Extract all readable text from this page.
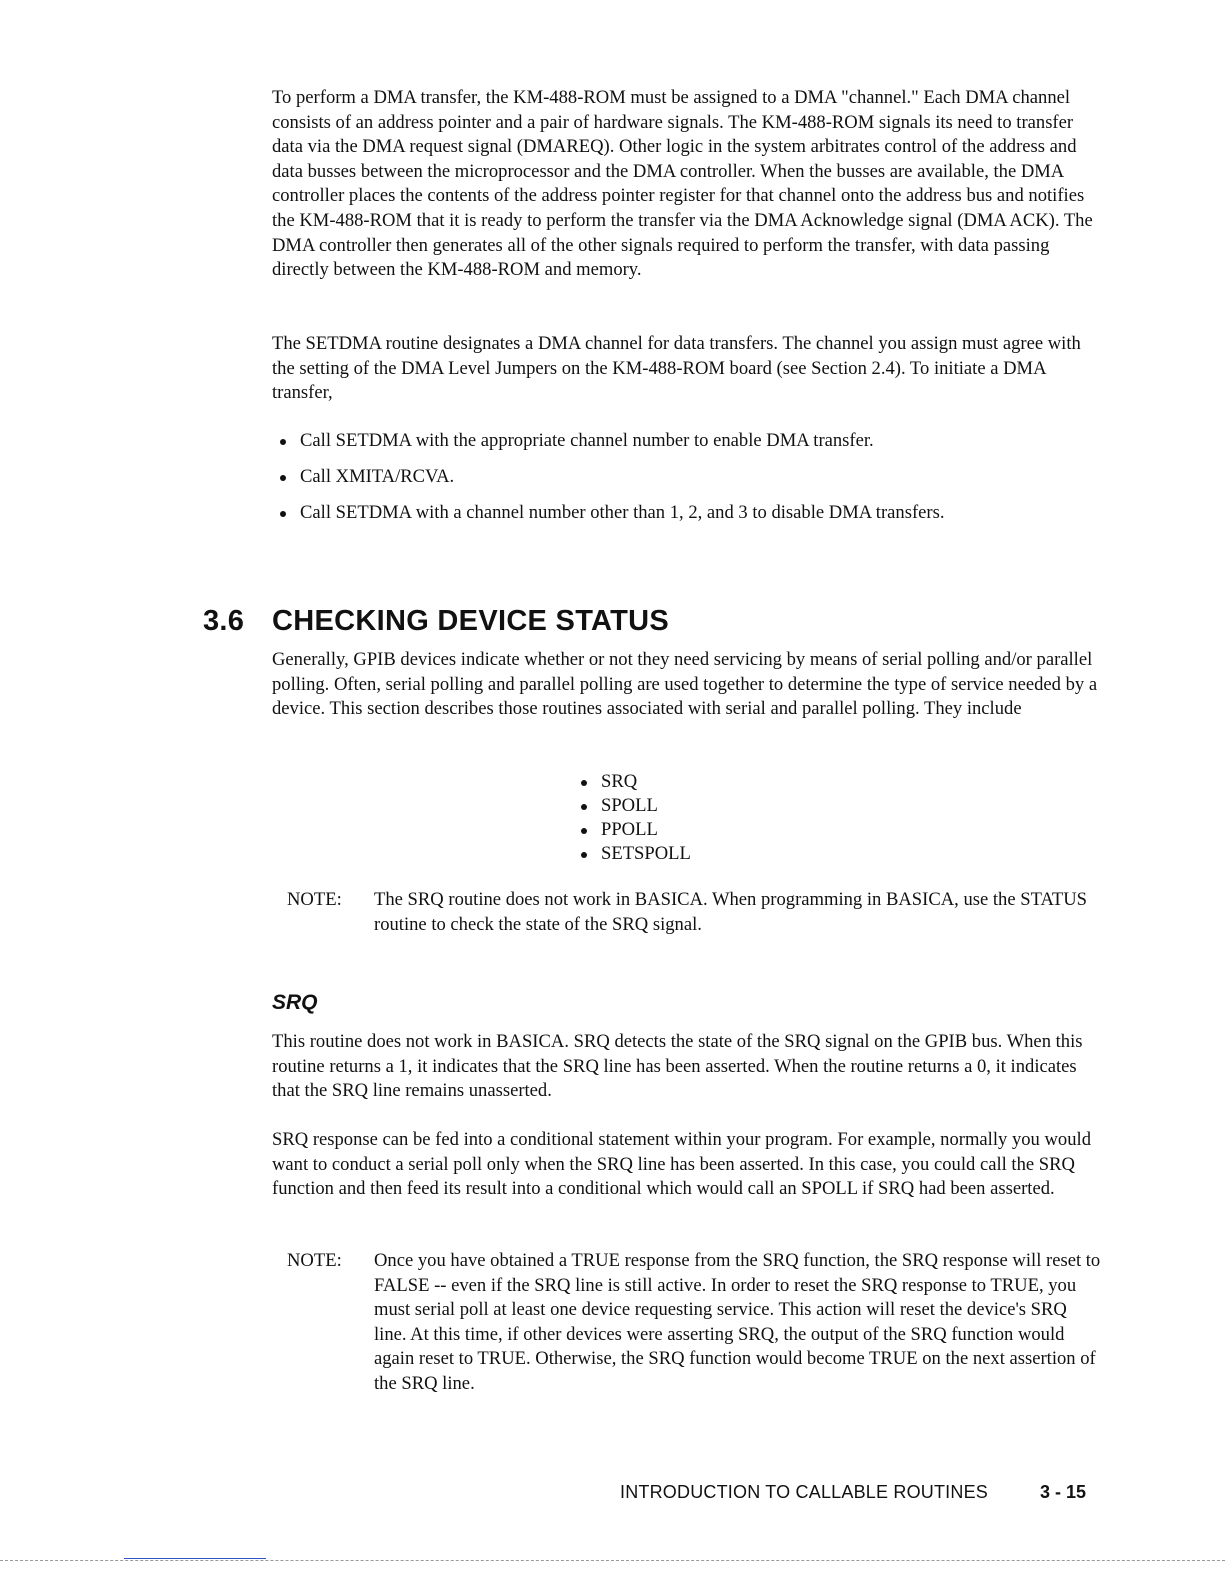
To perform a DMA transfer, the KM-488-ROM must be assigned to a DMA "channel." Each DMA channel consists of an address pointer and a pair of hardware signals. The KM-488-ROM signals its need to transfer data via the DMA request signal (DMAREQ). Other logic in the system arbitrates control of the address and data busses between the microprocessor and the DMA controller. When the busses are available, the DMA controller places the contents of the address pointer register for that channel onto the address bus and notifies the KM-488-ROM that it is ready to perform the transfer via the DMA Acknowledge signal (DMA ACK). The DMA controller then generates all of the other signals required to perform the transfer, with data passing directly between the KM-488-ROM and memory.

The SETDMA routine designates a DMA channel for data transfers. The channel you assign must agree with the setting of the DMA Level Jumpers on the KM-488-ROM board (see Section 2.4). To initiate a DMA transfer,

Call SETDMA with the appropriate channel number to enable DMA transfer.
Call XMITA/RCVA.
Call SETDMA with a channel number other than 1, 2, and 3 to disable DMA transfers.
3.6 CHECKING DEVICE STATUS

Generally, GPIB devices indicate whether or not they need servicing by means of serial polling and/or parallel polling. Often, serial polling and parallel polling are used together to determine the type of service needed by a device. This section describes those routines associated with serial and parallel polling. They include

SRQ
SPOLL
PPOLL
SETSPOLL
NOTE: The SRQ routine does not work in BASICA. When programming in BASICA, use the STATUS routine to check the state of the SRQ signal.

SRQ

This routine does not work in BASICA. SRQ detects the state of the SRQ signal on the GPIB bus. When this routine returns a 1, it indicates that the SRQ line has been asserted. When the routine returns a 0, it indicates that the SRQ line remains unasserted.

SRQ response can be fed into a conditional statement within your program. For example, normally you would want to conduct a serial poll only when the SRQ line has been asserted. In this case, you could call the SRQ function and then feed its result into a conditional which would call an SPOLL if SRQ had been asserted.

NOTE: Once you have obtained a TRUE response from the SRQ function, the SRQ response will reset to FALSE -- even if the SRQ line is still active. In order to reset the SRQ response to TRUE, you must serial poll at least one device requesting service. This action will reset the device's SRQ line. At this time, if other devices were asserting SRQ, the output of the SRQ function would again reset to TRUE. Otherwise, the SRQ function would become TRUE on the next assertion of the SRQ line.

INTRODUCTION TO CALLABLE ROUTINES	3 - 15
